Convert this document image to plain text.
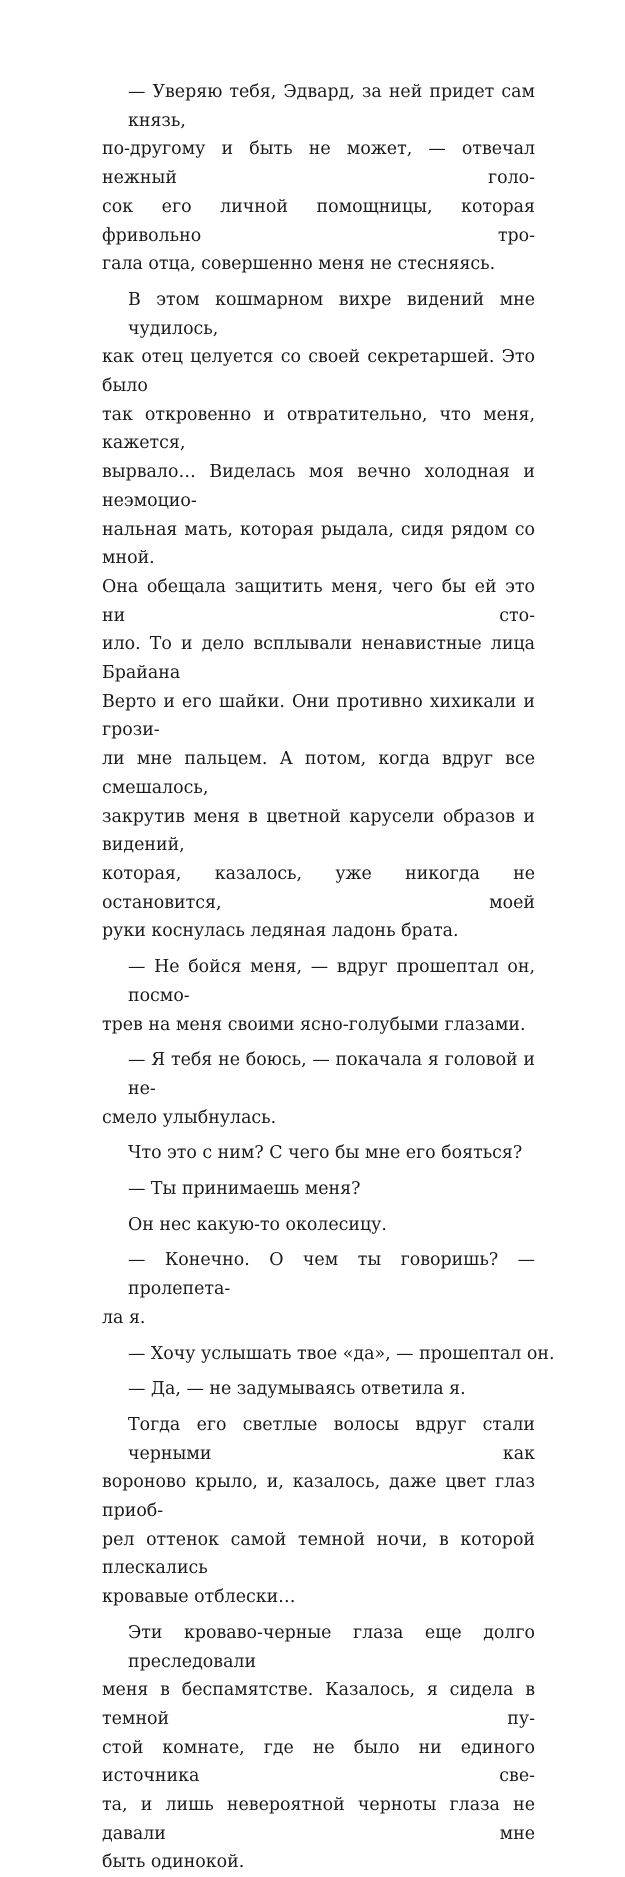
— Уверяю тебя, Эдвард, за ней придет сам князь,
по-другому и быть не может, — отвечал нежный голо-
сок его личной помощницы, которая фривольно тро-
гала отца, совершенно меня не стесняясь.
В этом кошмарном вихре видений мне чудилось,
как отец целуется со своей секретаршей. Это было
так откровенно и отвратительно, что меня, кажется,
вырвало… Виделась моя вечно холодная и неэмоцио-
нальная мать, которая рыдала, сидя рядом со мной.
Она обещала защитить меня, чего бы ей это ни сто-
ило. То и дело всплывали ненавистные лица Брайана
Верто и его шайки. Они противно хихикали и грози-
ли мне пальцем. А потом, когда вдруг все смешалось,
закрутив меня в цветной карусели образов и видений,
которая, казалось, уже никогда не остановится, моей
руки коснулась ледяная ладонь брата.
— Не бойся меня, — вдруг прошептал он, посмо-
трев на меня своими ясно-голубыми глазами.
— Я тебя не боюсь, — покачала я головой и не-
смело улыбнулась.
Что это с ним? С чего бы мне его бояться?
— Ты принимаешь меня?
Он нес какую-то околесицу.
— Конечно. О чем ты говоришь? — пролепета-
ла я.
— Хочу услышать твое «да», — прошептал он.
— Да, — не задумываясь ответила я.
Тогда его светлые волосы вдруг стали черными как
вороново крыло, и, казалось, даже цвет глаз приоб-
рел оттенок самой темной ночи, в которой плескались
кровавые отблески…
Эти кроваво-черные глаза еще долго преследовали
меня в беспамятстве. Казалось, я сидела в темной пу-
стой комнате, где не было ни единого источника све-
та, и лишь невероятной черноты глаза не давали мне
быть одинокой.
